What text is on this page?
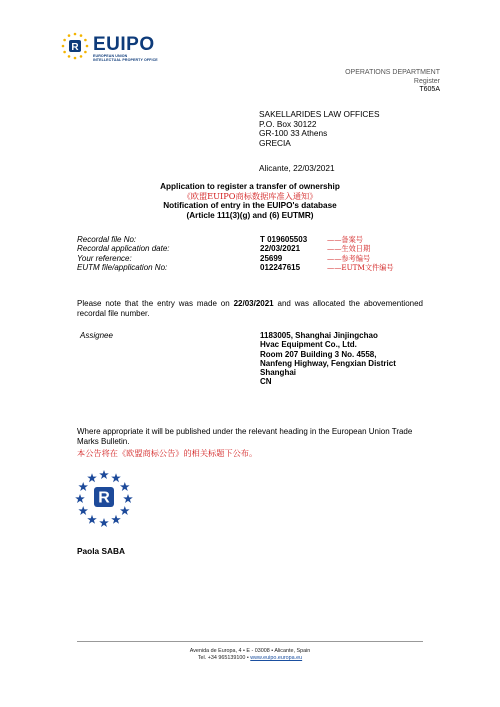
R EUIPO
EUROPEAN UNION
INTELLECTUAL PROPERTY OFFICE
OPERATIONS DEPARTMENT
Register
T605A
SAKELLARIDES LAW OFFICES
P.O. Box 30122
GR-100 33 Athens
GRECIA
Alicante, 22/03/2021
Application to register a transfer of ownership
《欧盟EUIPO商标数据库准入通知》
Notification of entry in the EUIPO's database
(Article 111(3)(g) and (6) EUTMR)
Recordal file No:	T 019605503	——备案号
Recordal application date:	22/03/2021	——生效日期
Your reference:	25699	——参考编号
EUTM file/application No:	012247615	——EUTM文件编号
Please note that the entry was made on 22/03/2021 and was allocated the abovementioned recordal file number.
Assignee	1183005, Shanghai Jinjingchao
Hvac Equipment Co., Ltd.
Room 207 Building 3 No. 4558,
Nanfeng Highway, Fengxian District
Shanghai
CN
Where appropriate it will be published under the relevant heading in the European Union Trade Marks Bulletin.
本公告将在《欧盟商标公告》的相关标题下公布。
R
Paola SABA
Avenida de Europa, 4 • E - 03008 • Alicante, Spain
Tel. +34 965139100 • www.euipo.europa.eu
